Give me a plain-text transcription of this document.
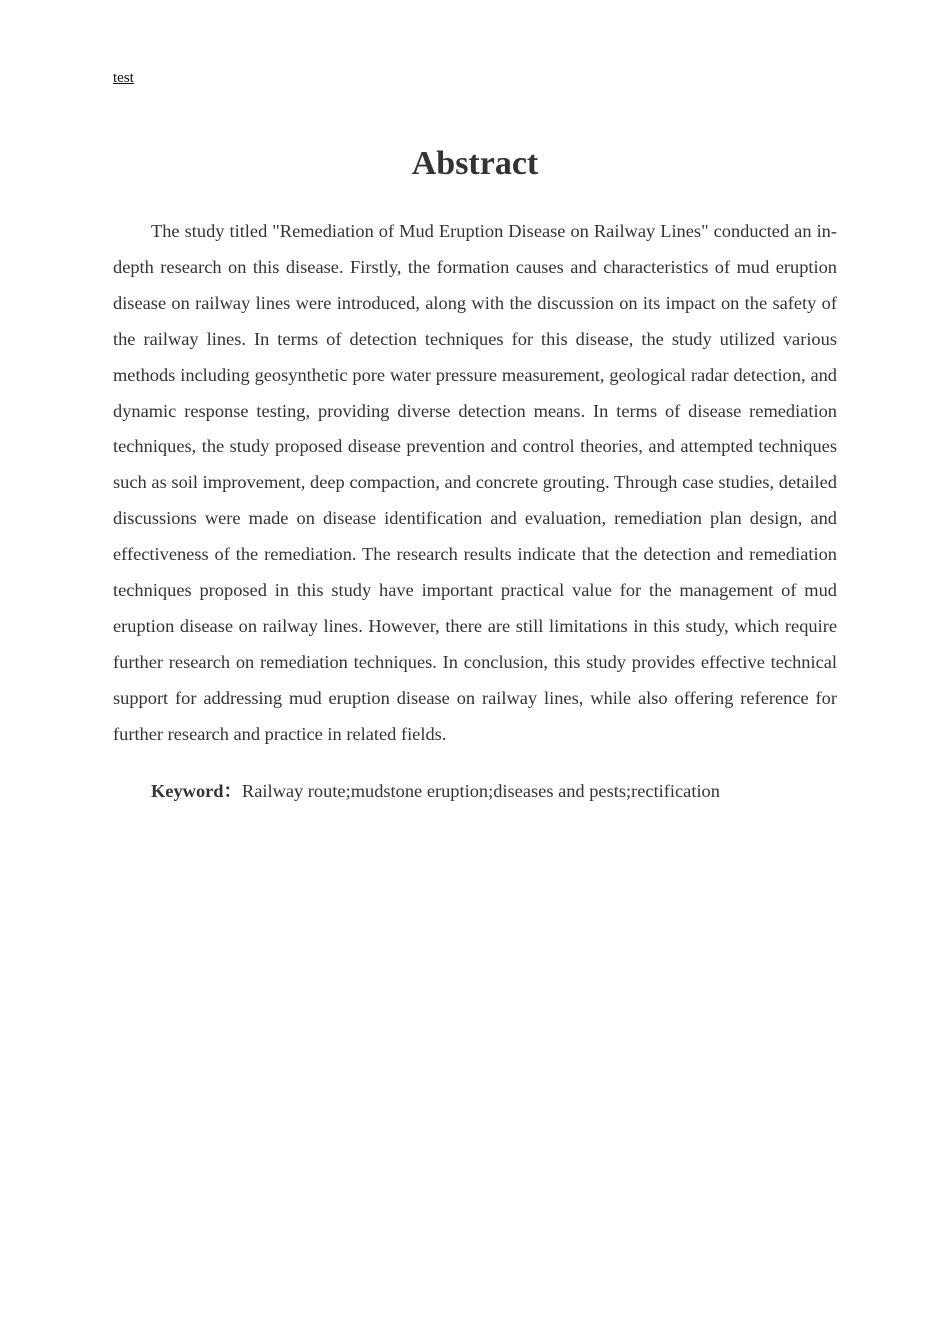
test
Abstract

The study titled "Remediation of Mud Eruption Disease on Railway Lines" conducted an in-depth research on this disease. Firstly, the formation causes and characteristics of mud eruption disease on railway lines were introduced, along with the discussion on its impact on the safety of the railway lines. In terms of detection techniques for this disease, the study utilized various methods including geosynthetic pore water pressure measurement, geological radar detection, and dynamic response testing, providing diverse detection means. In terms of disease remediation techniques, the study proposed disease prevention and control theories, and attempted techniques such as soil improvement, deep compaction, and concrete grouting. Through case studies, detailed discussions were made on disease identification and evaluation, remediation plan design, and effectiveness of the remediation. The research results indicate that the detection and remediation techniques proposed in this study have important practical value for the management of mud eruption disease on railway lines. However, there are still limitations in this study, which require further research on remediation techniques. In conclusion, this study provides effective technical support for addressing mud eruption disease on railway lines, while also offering reference for further research and practice in related fields.

Keyword：Railway route;mudstone eruption;diseases and pests;rectification
